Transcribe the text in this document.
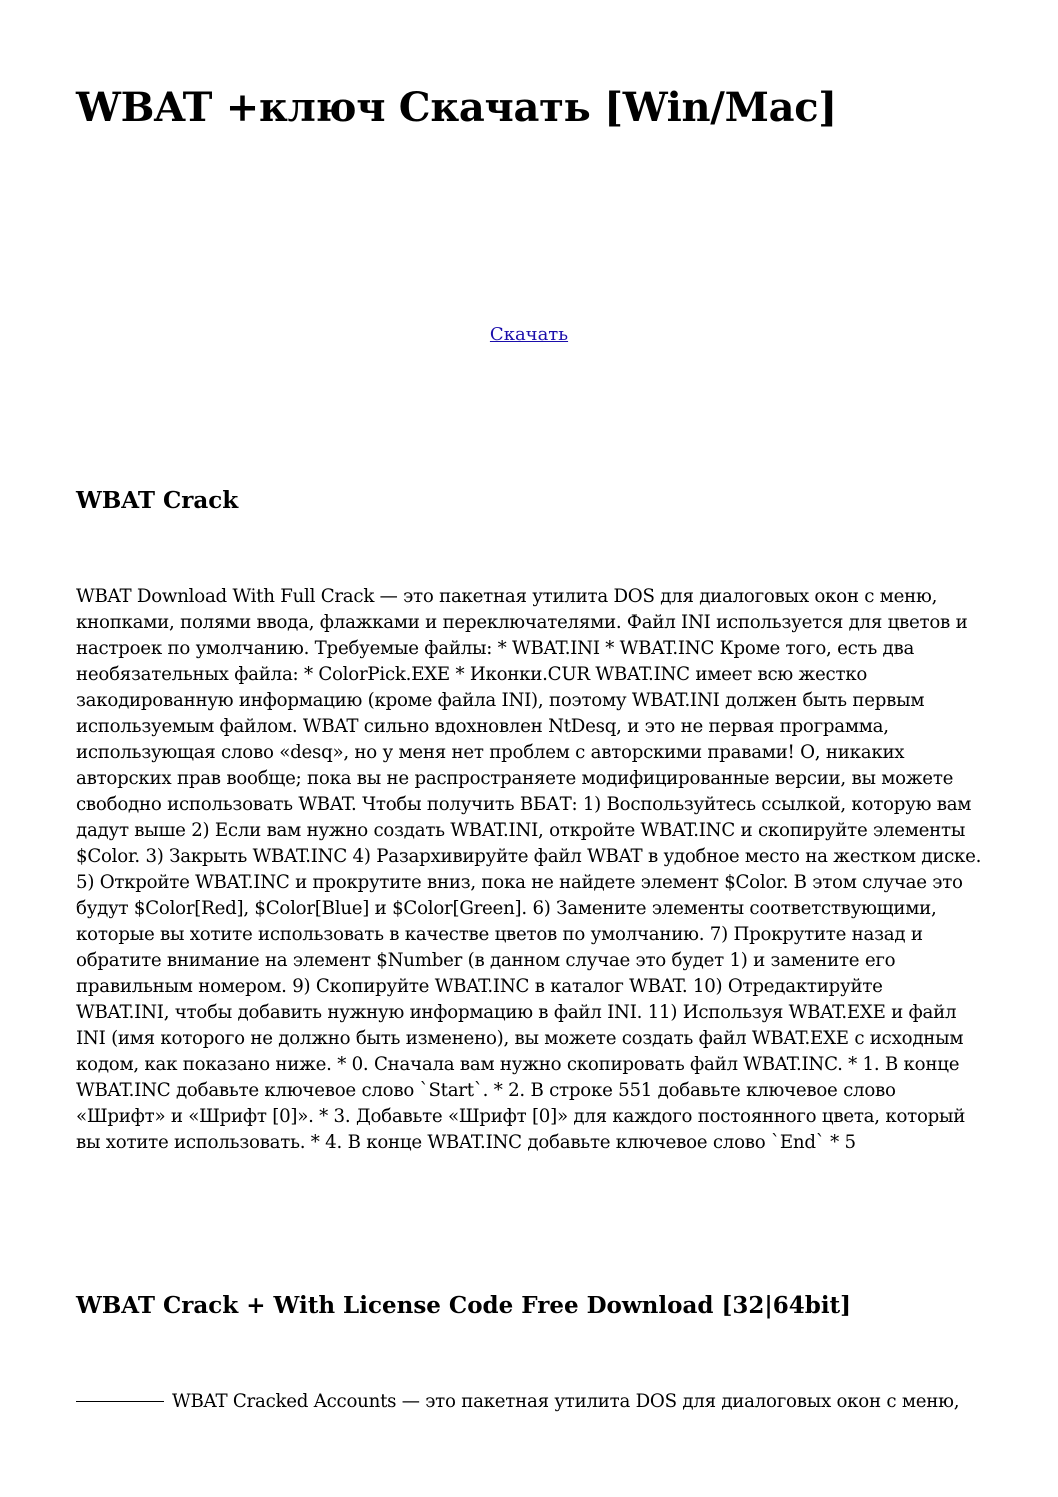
WBAT +ключ Скачать [Win/Mac]
Скачать
WBAT Crack

WBAT Download With Full Crack — это пакетная утилита DOS для диалоговых окон с меню,
кнопками, полями ввода, флажками и переключателями. Файл INI используется для цветов и
настроек по умолчанию. Требуемые файлы: * WBAT.INI * WBAT.INC Кроме того, есть два
необязательных файла: * ColorPick.EXE * Иконки.CUR WBAT.INC имеет всю жестко
закодированную информацию (кроме файла INI), поэтому WBAT.INI должен быть первым
используемым файлом. WBAT сильно вдохновлен NtDesq, и это не первая программа,
использующая слово «desq», но у меня нет проблем с авторскими правами! О, никаких
авторских прав вообще; пока вы не распространяете модифицированные версии, вы можете
свободно использовать WBAT. Чтобы получить ВБАТ: 1) Воспользуйтесь ссылкой, которую вам
дадут выше 2) Если вам нужно создать WBAT.INI, откройте WBAT.INC и скопируйте элементы
$Color. 3) Закрыть WBAT.INC 4) Разархивируйте файл WBAT в удобное место на жестком диске.
5) Откройте WBAT.INC и прокрутите вниз, пока не найдете элемент $Color. В этом случае это
будут $Color[Red], $Color[Blue] и $Color[Green]. 6) Замените элементы соответствующими,
которые вы хотите использовать в качестве цветов по умолчанию. 7) Прокрутите назад и
обратите внимание на элемент $Number (в данном случае это будет 1) и замените его
правильным номером. 9) Скопируйте WBAT.INC в каталог WBAT. 10) Отредактируйте
WBAT.INI, чтобы добавить нужную информацию в файл INI. 11) Используя WBAT.EXE и файл
INI (имя которого не должно быть изменено), вы можете создать файл WBAT.EXE с исходным
кодом, как показано ниже. * 0. Сначала вам нужно скопировать файл WBAT.INC. * 1. В конце
WBAT.INC добавьте ключевое слово `Start`. * 2. В строке 551 добавьте ключевое слово
«Шрифт» и «Шрифт [0]». * 3. Добавьте «Шрифт [0]» для каждого постоянного цвета, который
вы хотите использовать. * 4. В конце WBAT.INC добавьте ключевое слово `End` * 5

WBAT Crack + With License Code Free Download [32|64bit]
WBAT Cracked Accounts — это пакетная утилита DOS для диалоговых окон с меню,
